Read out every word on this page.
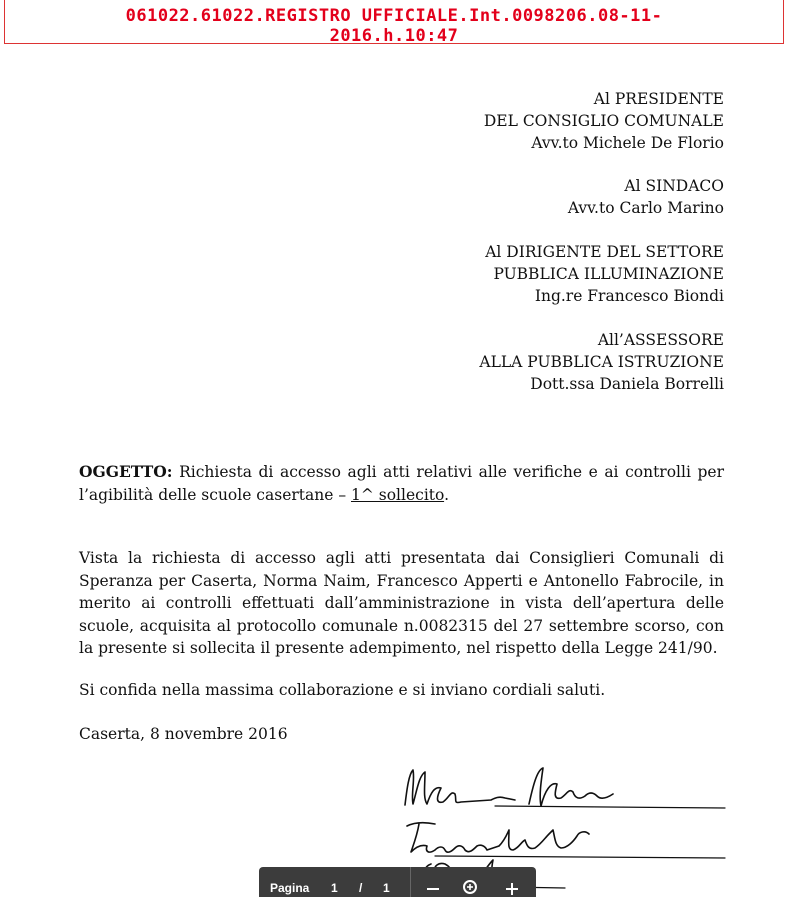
061022.61022.REGISTRO UFFICIALE.Int.0098206.08-11-
2016.h.10:47
Al PRESIDENTE
DEL CONSIGLIO COMUNALE
Avv.to Michele De Florio
Al SINDACO
Avv.to Carlo Marino
Al DIRIGENTE DEL SETTORE
PUBBLICA ILLUMINAZIONE
Ing.re Francesco Biondi
All’ASSESSORE
ALLA PUBBLICA ISTRUZIONE
Dott.ssa Daniela Borrelli
OGGETTO: Richiesta di accesso agli atti relativi alle verifiche e ai controlli per l’agibilità delle scuole casertane – 1^ sollecito.
Vista la richiesta di accesso agli atti presentata dai Consiglieri Comunali di Speranza per Caserta, Norma Naim, Francesco Apperti e Antonello Fabrocile, in merito ai controlli effettuati dall’amministrazione in vista dell’apertura delle scuole, acquisita al protocollo comunale n.0082315 del 27 settembre scorso, con la presente si sollecita il presente adempimento, nel rispetto della Legge 241/90.
Si confida nella massima collaborazione e si inviano cordiali saluti.
Caserta, 8 novembre 2016
Pagina 1 / 1
